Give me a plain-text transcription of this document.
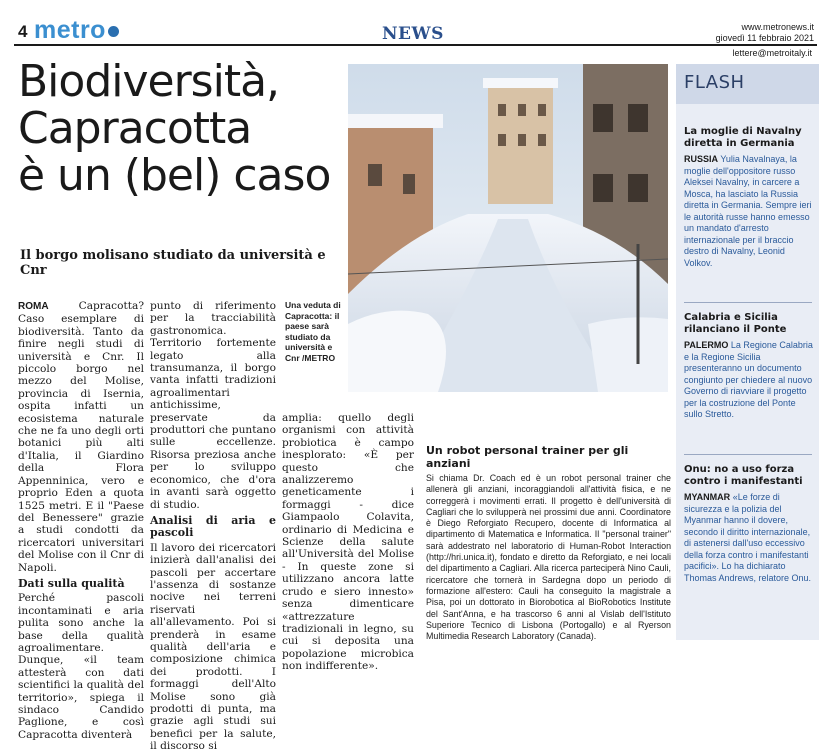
4 metro	NEWS	www.metronews.it
giovedì 11 febbraio 2021
lettere@metroitaly.it
Biodiversità,
Capracotta
è un (bel) caso
Il borgo molisano studiato da università e Cnr
Una veduta di Capracotta: il paese sarà studiato da università e Cnr /METRO

ROMA	Capracotta? Caso esemplare di biodiversità. Tanto da finire negli studi di università e Cnr. Il piccolo borgo nel mezzo del Molise, provincia di Isernia, ospita infatti un ecosistema naturale che ne fa uno degli orti botanici più alti d'Italia, il Giardino della Flora Appenninica, vero e proprio Eden a quota 1525 metri. E il "Paese del Benessere" grazie a studi condotti da ricercatori universitari del Molise con il Cnr di Napoli.

Dati sulla qualità

Perché pascoli incontaminati e aria pulita sono anche la base della qualità agroalimentare. Dunque, «il team attesterà con dati scientifici la qualità del territorio», spiega il sindaco Candido Paglione, e così Capracotta diventerà

punto di riferimento per la tracciabilità gastronomica. Territorio fortemente legato alla transumanza, il borgo vanta infatti tradizioni agroalimentari antichissime, preservate da produttori che puntano sulle eccellenze. Risorsa preziosa anche per lo sviluppo economico, che d'ora in avanti sarà oggetto di studio.

Analisi di aria e pascoli

Il lavoro dei ricercatori inizierà dall'analisi dei pascoli per accertare l'assenza di sostanze nocive nei terreni riservati all'allevamento. Poi si prenderà in esame qualità dell'aria e composizione chimica dei prodotti. I formaggi dell'Alto Molise sono già prodotti di punta, ma grazie agli studi sui benefici per la salute, il discorso si

amplia: quello degli organismi con attività probiotica è campo inesplorato: «È per questo che analizzeremo geneticamente i formaggi - dice Giampaolo Colavita, ordinario di Medicina e Scienze della salute all'Università del Molise - In queste zone si utilizzano ancora latte crudo e siero innesto» senza dimenticare «attrezzature tradizionali in legno, su cui si deposita una popolazione microbica non indifferente».

Un robot personal trainer per gli anziani

Si chiama Dr. Coach ed è un robot personal trainer che allenerà gli anziani, incoraggiandoli all'attività fisica, e ne correggerà i movimenti errati. Il progetto è dell'università di Cagliari che lo svilupperà nei prossimi due anni. Coordinatore è Diego Reforgiato Recupero, docente di Informatica al dipartimento di Matematica e Informatica. Il "personal trainer" sarà addestrato nel laboratorio di Human-Robot Interaction (http://hri.unica.it), fondato e diretto da Reforgiato, e nei locali del dipartimento a Cagliari. Alla ricerca parteciperà Nino Cauli, ricercatore che tornerà in Sardegna dopo un periodo di formazione all'estero: Cauli ha conseguito la magistrale a Pisa, poi un dottorato in Biorobotica al BioRobotics Institute del Sant'Anna, e ha trascorso 6 anni al Vislab dell'Istituto Superiore Tecnico di Lisbona (Portogallo) e al Ryerson Multimedia Research Laboratory (Canada).

FLASH
La moglie di Navalny diretta in Germania

RUSSIA Yulia Navalnaya, la moglie dell'oppositore russo Aleksei Navalny, in carcere a Mosca, ha lasciato la Russia diretta in Germania. Sempre ieri le autorità russe hanno emesso un mandato d'arresto internazionale per il braccio destro di Navalny, Leonid Volkov.

Calabria e Sicilia rilanciano il Ponte

PALERMO La Regione Calabria e la Regione Sicilia presenteranno un documento congiunto per chiedere al nuovo Governo di riavviare il progetto per la costruzione del Ponte sullo Stretto.

Onu: no a uso forza contro i manifestanti

MYANMAR «Le forze di sicurezza e la polizia del Myanmar hanno il dovere, secondo il diritto internazionale, di astenersi dall'uso eccessivo della forza contro i manifestanti pacifici». Lo ha dichiarato Thomas Andrews, relatore Onu.
